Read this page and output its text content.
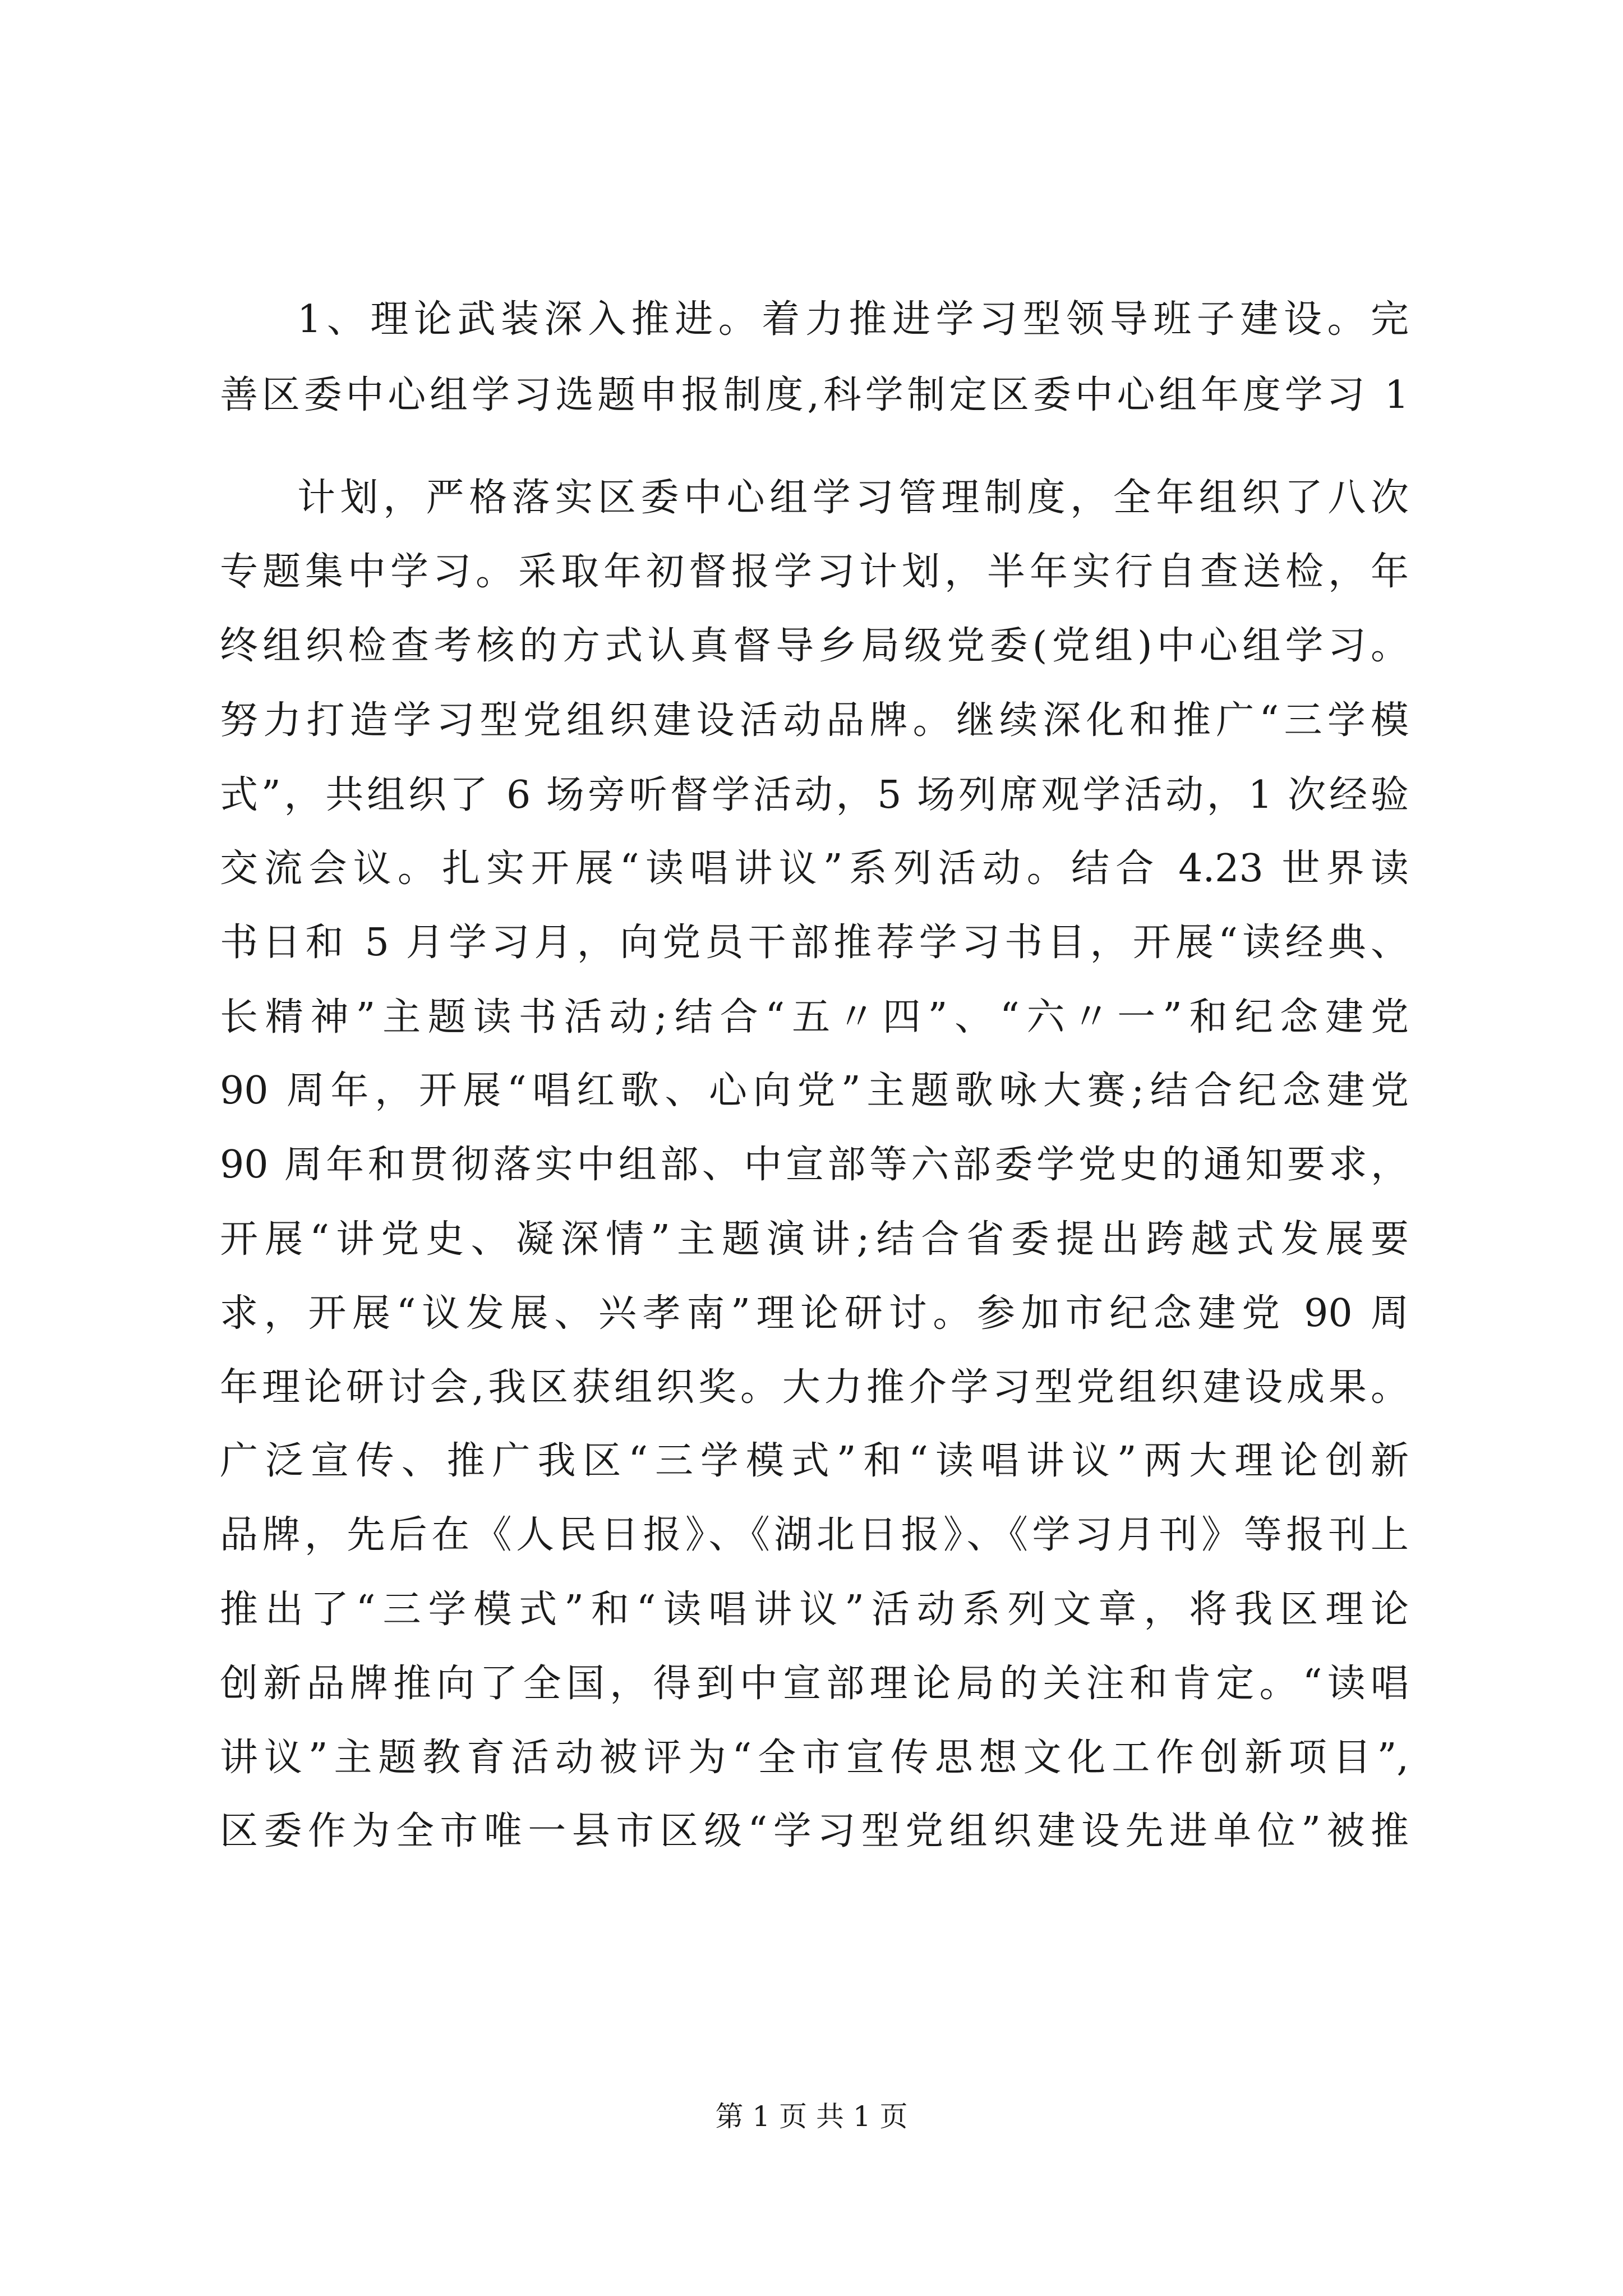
1、理论武装深入推进。着力推进学习型领导班子建设。完
善区委中心组学习选题申报制度,科学制定区委中心组年度学习 1
计划，严格落实区委中心组学习管理制度，全年组织了八次
专题集中学习。采取年初督报学习计划，半年实行自查送检，年
终组织检查考核的方式认真督导乡局级党委(党组)中心组学习。
努力打造学习型党组织建设活动品牌。继续深化和推广“三学模
式”，共组织了 6 场旁听督学活动，5 场列席观学活动，1 次经验
交流会议。扎实开展“读唱讲议”系列活动。结合 4.23 世界读
书日和 5 月学习月，向党员干部推荐学习书目，开展“读经典、
长精神”主题读书活动;结合“五〃四”、“六〃一”和纪念建党
90 周年，开展“唱红歌、心向党”主题歌咏大赛;结合纪念建党
90 周年和贯彻落实中组部、中宣部等六部委学党史的通知要求，
开展“讲党史、凝深情”主题演讲;结合省委提出跨越式发展要
求，开展“议发展、兴孝南”理论研讨。参加市纪念建党 90 周
年理论研讨会,我区获组织奖。大力推介学习型党组织建设成果。
广泛宣传、推广我区“三学模式”和“读唱讲议”两大理论创新
品牌，先后在《人民日报》、《湖北日报》、《学习月刊》等报刊上
推出了“三学模式”和“读唱讲议”活动系列文章，将我区理论
创新品牌推向了全国，得到中宣部理论局的关注和肯定。“读唱
讲议”主题教育活动被评为“全市宣传思想文化工作创新项目”,
区委作为全市唯一县市区级“学习型党组织建设先进单位”被推
第 1 页 共 1 页
